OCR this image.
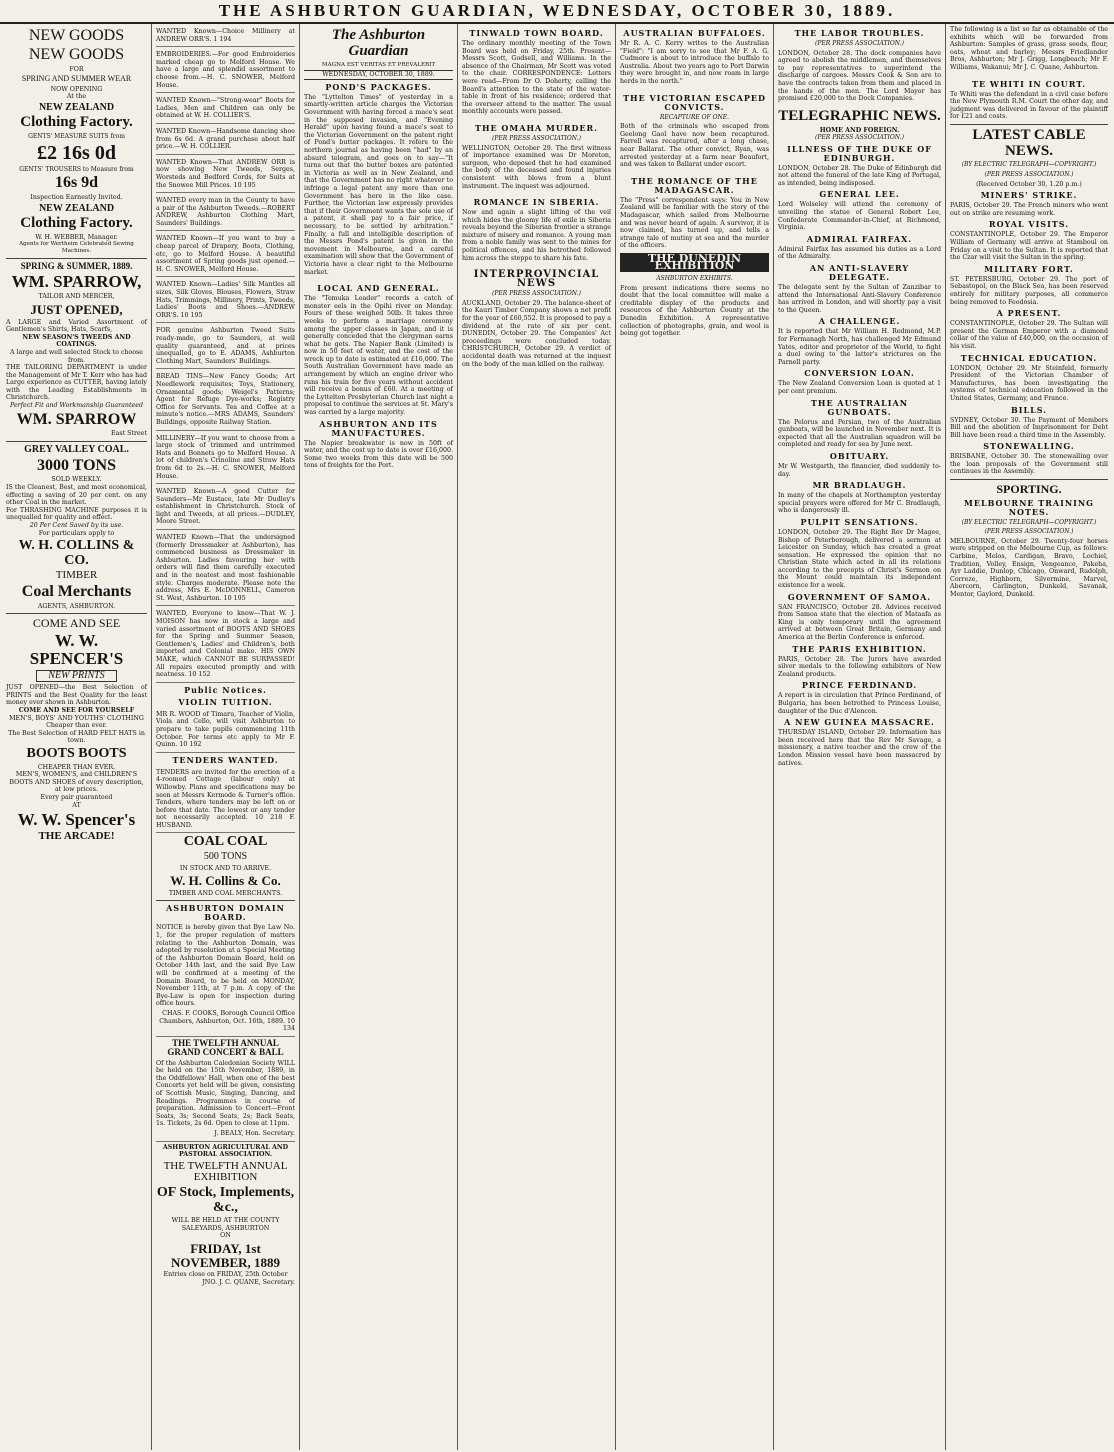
THE ASHBURTON GUARDIAN, WEDNESDAY, OCTOBER 30, 1889.
NEW GOODS
NEW GOODS
FOR
SPRING AND SUMMER WEAR
NOW OPENING
At the
NEW ZEALAND
Clothing Factory.
GENTS' MEASURE SUITS from
£2 16s 0d
GENTS' TROUSERS to Measure from
16s 9d
Inspection Earnestly Invited.
NEW ZEALAND
Clothing Factory.
W. H. WEBBER, Manager.
Agents for Wertheim Celebrated Sewing Machines.
SPRING & SUMMER, 1889.
WM. SPARROW,
TAILOR AND MERCER,
JUST OPENED,
A LARGE and Varied Assortment of Gentlemen's Shirts, Hats, Scarfs,
NEW SEASON'S TWEEDS AND COATINGS.
A large and well selected Stock to choose from.
THE TAILORING DEPARTMENT is under the Management of Mr T. Kerr who has had Large experience as CUTTER, having lately with the Leading Establishments in Christchurch.
Perfect Fit and Workmanship Guaranteed
WM. SPARROW
East Street
GREY VALLEY COAL.
3000 TONS
SOLD WEEKLY.
IS the Cleanest, Best, and most economical, effecting a saving of 20 per cent. on any other Coal in the market.
For THRASHING MACHINE purposes it is unequalled for quality and effect.
20 Per Cent Saved by its use.
For particulars apply to
W. H. COLLINS & CO.
TIMBER
Coal Merchants
AGENTS, ASHBURTON.
COME AND SEE
W. W. SPENCER'S
NEW PRINTS
JUST OPENED—the Best Selection of PRINTS and the Best Quality for the least money ever shown in Ashburton.
COME AND SEE FOR YOURSELF
MEN'S, BOYS' AND YOUTHS' CLOTHING Cheaper than ever.
The Best Selection of HARD FELT HATS in town.
BOOTS BOOTS
CHEAPER THAN EVER.
MEN'S, WOMEN'S, and CHILDREN'S BOOTS AND SHOES of every description, at low prices.
Every pair guaranteed
AT
W. W. Spencer's
THE ARCADE!
WANTED Known—Choice Millinery at ANDREW ORR'S. 1 194
EMBROIDERIES.—For good Embroideries marked cheap go to Melford House. We have a large and splendid assortment to choose from.—H. C. SNOWER, Melford House.
WANTED Known—"Strong-wear" Boots for Ladies, Men and Children can only be obtained at W. H. COLLIER'S.
WANTED Known—Handsome dancing shoe from 6s 6d. A grand purchase about half price.—W. H. COLLIER.
WANTED Known—That ANDREW ORR is now showing New Tweeds, Serges, Worsteds and Bedford Cords, for Suits at the Snowee Mill Prices. 10 195
WANTED every man in the County to have a pair of the Ashburton Tweeds.—ROBERT ANDREW, Ashburton Clothing Mart, Saunders' Buildings.
WANTED Known—If you want to buy a cheap parcel of Drapery, Boots, Clothing, etc, go to Melford House. A beautiful assortment of Spring goods just opened.—H. C. SNOWER, Melford House.
WANTED Known—Ladies' Silk Mantles all sizes, Silk Gloves, Blouses, Flowers, Straw Hats, Trimmings, Millinery, Prints, Tweeds, Ladies' Boots and Shoes.—ANDREW ORR'S. 10 195
FOR genuine Ashburton Tweed Suits ready-made, go to Saunders, at well quality guaranteed, and at prices unequalled, go to E. ADAMS, Ashburton Clothing Mart, Saunders' Buildings.
BREAD TINS—New Fancy Goods; Art Needlework requisites; Toys, Stationery, Ornamental goods; Weigel's Patterns; Agent for Refuge Dye-works; Registry Office for Servants. Tea and Coffee at a minute's notice.—MRS ADAMS, Saunders' Buildings, opposite Railway Station.
MILLINERY—If you want to choose from a large stock of trimmed and untrimmed Hats and Bonnets go to Melford House. A lot of children's Crinoline and Straw Hats from 6d to 2s.—H. C. SNOWER, Melford House.
WANTED Known—A good Cutter for Saunders—Mr Eustace, late Mr Dudley's establishment in Christchurch. Stock of light and Tweeds, at all prices.—DUDLEY, Moore Street.
WANTED Known—That the undersigned (formerly Dressmaker at Ashburton), has commenced business as Dressmaker in Ashburton. Ladies favouring her with orders will find them carefully executed and in the neatest and most fashionable style. Charges moderate. Please note the address, Mrs E. McDONNELL, Cameron St. West, Ashburton. 10 195
WANTED, Everyone to know—That W. J. MOISON has now in stock a large and varied assortment of BOOTS AND SHOES for the Spring and Summer Season, Gentlemen's, Ladies' and Children's, both imported and Colonial make. HIS OWN MAKE, which CANNOT BE SURPASSED! All repairs executed promptly and with neatness. 10 152
Public Notices.
VIOLIN TUITION.
MR R. WOOD of Timaru, Teacher of Violin, Viola and Cello, will visit Ashburton to prepare to take pupils commencing 11th October. For terms etc apply to Mr F. Quinn. 10 192
TENDERS WANTED.
TENDERS are invited for the erection of a 4-roomed Cottage (labour only) at Willowby. Plans and specifications may be seen at Messrs Kermode & Turner's office. Tenders, where tenders may be left on or before that date. The lowest or any tender not necessarily accepted. 10 218 F. HUSBAND.
COAL COAL
500 TONS
IN STOCK AND TO ARRIVE.
W. H. Collins & Co.
TIMBER AND COAL MERCHANTS.
ASHBURTON DOMAIN BOARD.
NOTICE is hereby given that Bye Law No. 1, for the proper regulation of matters relating to the Ashburton Domain, was adopted by resolution at a Special Meeting of the Ashburton Domain Board, held on October 14th last, and the said Bye Law will be confirmed at a meeting of the Domain Board, to be held on MONDAY, November 11th, at 7 p.m. A copy of the Bye-Law is open for inspection during office hours.
CHAS. F. COOKS, Borough Council Office Chambers, Ashburton, Oct. 16th, 1889. 10 134
THE TWELFTH ANNUAL GRAND CONCERT & BALL
Of the Ashburton Caledonian Society WILL be held on the 15th November, 1889, in the Oddfellows' Hall, when one of the best Concerts yet held will be given, consisting of Scottish Music, Singing, Dancing, and Readings. Programmes in course of preparation. Admission to Concert—Front Seats, 3s; Second Seats, 2s; Back Seats, 1s. Tickets, 2s 6d. Open to close at 11pm.
J. BEALY, Hon. Secretary.
ASHBURTON AGRICULTURAL AND PASTORAL ASSOCIATION.
THE TWELFTH ANNUAL EXHIBITION
OF Stock, Implements, &c.,
WILL BE HELD AT THE COUNTY SALEYARDS, ASHBURTON
ON
FRIDAY, 1st NOVEMBER, 1889
Entries close on FRIDAY, 25th October
JNO. J. C. QUANE, Secretary.
The Ashburton Guardian
MAGNA EST VERITAS ET PREVALEBIT
WEDNESDAY, OCTOBER 30, 1889.
POND'S PACKAGES.
The "Lyttelton Times" of yesterday in a smartly-written article charges the Victorian Government with having forced a mace's seat in the supposed invasion, and "Evening Herald" upon having found a mace's seat to the Victorian Government on the patent right of Pond's butter packages. It refers to the northern journal as having been "had" by an absurd telegram, and goes on to say—"It turns out that the butter boxes are patented in Victoria as well as in New Zealand, and that the Government has no right whatever to infringe a legal patent any more than one Government has here in the like case. Further, the Victorian law expressly provides that if their Government wants the sole use of a patent, it shall pay to a fair price, if necessary, to be settled by arbitration." Finally, a full and intelligible description of the Messrs Pond's patent is given in the movement in Melbourne, and a careful examination will show that the Government of Victoria have a clear right to the Melbourne market.
LOCAL AND GENERAL.
The "Temuka Leader" records a catch of monster eels in the Opihi river on Monday. Fours of these weighed 50lb. It takes three weeks to perform a marriage ceremony among the upper classes in Japan, and it is generally conceded that the clergyman earns what he gets. The Napier Bank (Limited) is now in 50 feet of water, and the cost of the wreck up to date is estimated at £16,000. The South Australian Government have made an arrangement by which an engine driver who runs his train for five years without accident will receive a bonus of £60. At a meeting of the Lyttelton Presbyterian Church last night a proposal to continue the services at St. Mary's was carried by a large majority.
ASHBURTON AND ITS MANUFACTURES.
The Napier breakwater is now in 50ft of water, and the cost up to date is over £16,000. Some two weeks from this date will be 500 tons of freights for the Port.
TINWALD TOWN BOARD.
The ordinary monthly meeting of the Town Board was held on Friday, 25th. Present—Messrs Scott, Godsell, and Williams. In the absence of the Chairman, Mr Scott was voted to the chair. CORRESPONDENCE: Letters were read—From Dr O. Doherty, calling the Board's attention to the state of the water-table in front of his residence; ordered that the overseer attend to the matter. The usual monthly accounts were passed.
THE OMAHA MURDER.
(PER PRESS ASSOCIATION.)
WELLINGTON, October 29. The first witness of importance examined was Dr Moreton, surgeon, who deposed that he had examined the body of the deceased and found injuries consistent with blows from a blunt instrument. The inquest was adjourned.
ROMANCE IN SIBERIA.
Now and again a slight lifting of the veil which hides the gloomy life of exile in Siberia reveals beyond the Siberian frontier a strange mixture of misery and romance. A young man from a noble family was sent to the mines for political offences, and his betrothed followed him across the steppe to share his fate.
INTERPROVINCIAL NEWS
(PER PRESS ASSOCIATION.)
AUCKLAND, October 29. The balance-sheet of the Kauri Timber Company shows a net profit for the year of £60,552. It is proposed to pay a dividend at the rate of six per cent. DUNEDIN, October 29. The Companies' Act proceedings were concluded today. CHRISTCHURCH, October 29. A verdict of accidental death was returned at the inquest on the body of the man killed on the railway.
AUSTRALIAN BUFFALOES.
Mr R. A. C. Kerry writes to the Australian "Field": "I am sorry to see that Mr F. A. G. Cudmore is about to introduce the buffalo to Australia. About two years ago to Port Darwin they were brought in, and now roam in large herds in the north."
THE VICTORIAN ESCAPED CONVICTS.
RECAPTURE OF ONE.
Both of the criminals who escaped from Geelong Gaol have now been recaptured. Farrell was recaptured, after a long chase, near Ballarat. The other convict, Ryan, was arrested yesterday at a farm near Beaufort, and was taken to Ballarat under escort.
THE ROMANCE OF THE MADAGASCAR.
The "Press" correspondent says: You in New Zealand will be familiar with the story of the Madagascar, which sailed from Melbourne and was never heard of again. A survivor, it is now claimed, has turned up, and tells a strange tale of mutiny at sea and the murder of the officers.
THE DUNEDIN EXHIBITION
ASHBURTON EXHIBITS.
From present indications there seems no doubt that the local committee will make a creditable display of the products and resources of the Ashburton County at the Dunedin Exhibition. A representative collection of photographs, grain, and wool is being got together.
THE LABOR TROUBLES.
(PER PRESS ASSOCIATION.)
LONDON, October 28. The dock companies have agreed to abolish the middlemen, and themselves to pay representatives to superintend the discharge of cargoes. Messrs Cook & Son are to have the contracts taken from them and placed in the hands of the men. The Lord Mayor has promised £20,000 to the Dock Companies.
TELEGRAPHIC NEWS.
HOME AND FOREIGN.
(PER PRESS ASSOCIATION.)
ILLNESS OF THE DUKE OF EDINBURGH.
LONDON, October 28. The Duke of Edinburgh did not attend the funeral of the late King of Portugal, as intended, being indisposed.
GENERAL LEE.
Lord Wolseley will attend the ceremony of unveiling the statue of General Robert Lee, Confederate Commander-in-Chief, at Richmond, Virginia.
ADMIRAL FAIRFAX.
Admiral Fairfax has assumed his duties as a Lord of the Admiralty.
AN ANTI-SLAVERY DELEGATE.
The delegate sent by the Sultan of Zanzibar to attend the International Anti-Slavery Conference has arrived in London, and will shortly pay a visit to the Queen.
A CHALLENGE.
It is reported that Mr William H. Redmond, M.P. for Fermanagh North, has challenged Mr Edmund Yates, editor and proprietor of the World, to fight a duel owing to the latter's strictures on the Parnell party.
CONVERSION LOAN.
The New Zealand Conversion Loan is quoted at 1 per cent premium.
THE AUSTRALIAN GUNBOATS.
The Pelorus and Persian, two of the Australian gunboats, will be launched in November next. It is expected that all the Australian squadron will be completed and ready for sea by June next.
OBITUARY.
Mr W. Westgarth, the financier, died suddenly to-day.
MR BRADLAUGH.
In many of the chapels at Northampton yesterday special prayers were offered for Mr C. Bradlaugh, who is dangerously ill.
PULPIT SENSATIONS.
LONDON, October 29. The Right Rev Dr Magee, Bishop of Peterborough, delivered a sermon at Leicester on Sunday, which has created a great sensation. He expressed the opinion that no Christian State which acted in all its relations according to the precepts of Christ's Sermon on the Mount could maintain its independent existence for a week.
GOVERNMENT OF SAMOA.
SAN FRANCISCO, October 28. Advices received from Samoa state that the election of Mataafa as King is only temporary until the agreement arrived at between Great Britain, Germany and America at the Berlin Conference is enforced.
THE PARIS EXHIBITION.
PARIS, October 28. The Jurors have awarded silver medals to the following exhibitors of New Zealand products.
PRINCE FERDINAND.
A report is in circulation that Prince Ferdinand, of Bulgaria, has been betrothed to Princess Louise, daughter of the Duc d'Alencon.
A NEW GUINEA MASSACRE.
THURSDAY ISLAND, October 29. Information has been received here that the Rev Mr Savage, a missionary, a native teacher and the crew of the London Mission vessel have been massacred by natives.
The following is a list so far as obtainable of the exhibits which will be forwarded from Ashburton: Samples of grass, grass seeds, flour, oats, wheat and barley; Messrs Friedlander Bros, Ashburton; Mr J. Grigg, Longbeach; Mr F. Williams, Wakanui; Mr J. C. Quane, Ashburton.
TE WHITI IN COURT.
Te Whiti was the defendant in a civil case before the New Plymouth R.M. Court the other day, and judgment was delivered in favour of the plaintiff for £21 and costs.
LATEST CABLE NEWS.
(BY ELECTRIC TELEGRAPH—COPYRIGHT.)
(PER PRESS ASSOCIATION.)
(Received October 30, 1.20 p.m.)
MINERS' STRIKE.
PARIS, October 29. The French miners who went out on strike are resuming work.
ROYAL VISITS.
CONSTANTINOPLE, October 29. The Emperor William of Germany will arrive at Stamboul on Friday on a visit to the Sultan. It is reported that the Czar will visit the Sultan in the spring.
MILITARY FORT.
ST. PETERSBURG, October 29. The port of Sebastopol, on the Black Sea, has been reserved entirely for military purposes, all commerce being removed to Feodosia.
A PRESENT.
CONSTANTINOPLE, October 29. The Sultan will present the German Emperor with a diamond collar of the value of £40,000, on the occasion of his visit.
TECHNICAL EDUCATION.
LONDON, October 29. Mr Steinfeld, formerly President of the Victorian Chamber of Manufactures, has been investigating the systems of technical education followed in the United States, Germany, and France.
BILLS.
SYDNEY, October 30. The Payment of Members Bill and the abolition of Imprisonment for Debt Bill have been read a third time in the Assembly.
STONEWALLING.
BRISBANE, October 30. The stonewalling over the loan proposals of the Government still continues in the Assembly.
SPORTING.
MELBOURNE TRAINING NOTES.
(BY ELECTRIC TELEGRAPH—COPYRIGHT.)
(PER PRESS ASSOCIATION.)
MELBOURNE, October 29. Twenty-four horses were stripped on the Melbourne Cup, as follows: Carbine, Melos, Cardigan, Bravo, Lochiel, Tradition, Volley, Ensign, Vengeance, Pakeha, Ayr Laddie, Dunlop, Chicago, Onward, Rudolph, Correze, Highborn, Silvermine, Marvel, Abercorn, Carlington, Dunkeld, Savanak, Mentor, Gaylord, Dunkeld.
